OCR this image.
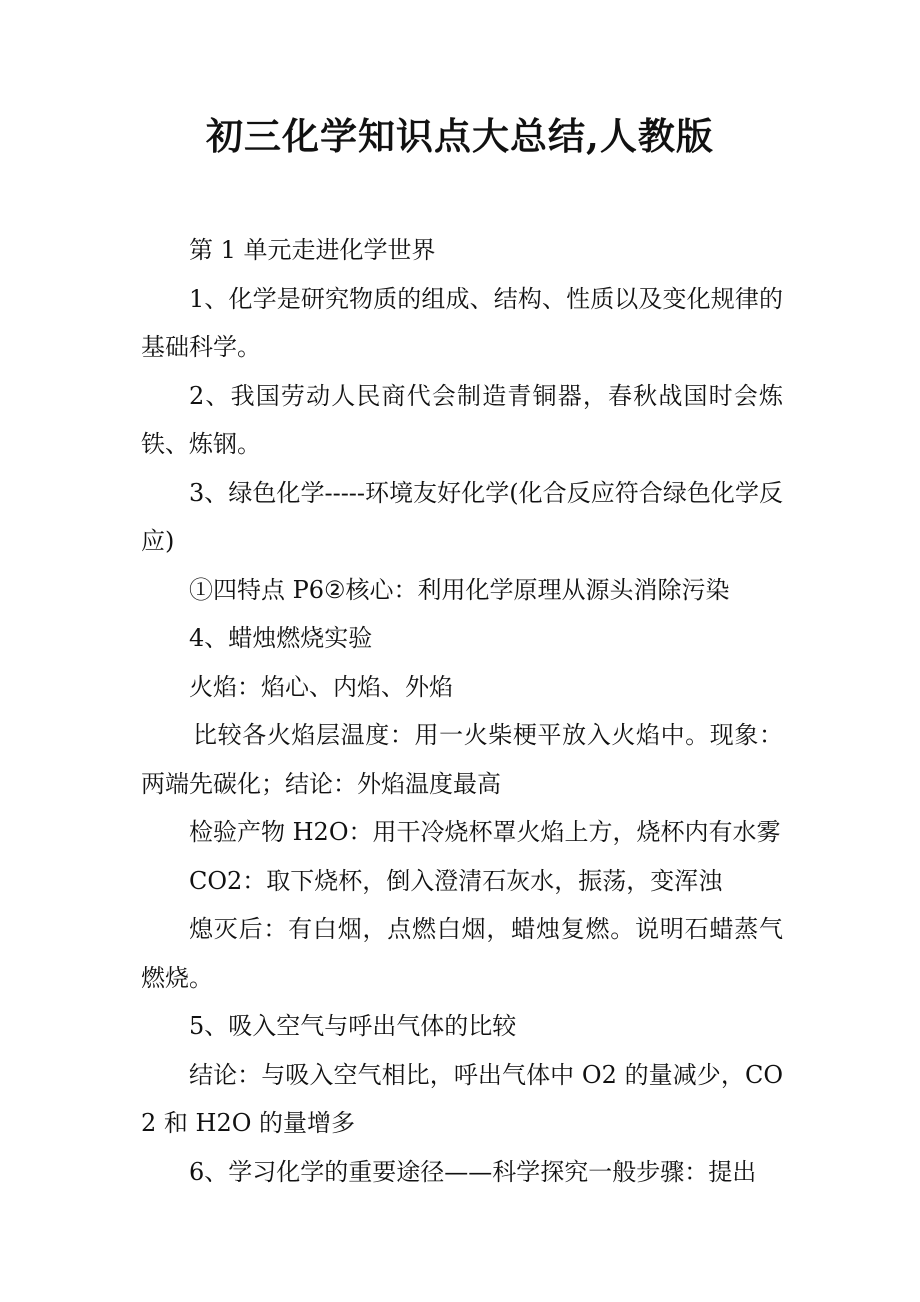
初三化学知识点大总结,人教版

第 1 单元走进化学世界

1、化学是研究物质的组成、结构、性质以及变化规律的基础科学。

2、我国劳动人民商代会制造青铜器，春秋战国时会炼铁、炼钢。

3、绿色化学-----环境友好化学(化合反应符合绿色化学反应)

①四特点 P6②核心：利用化学原理从源头消除污染

4、蜡烛燃烧实验

火焰：焰心、内焰、外焰

比较各火焰层温度：用一火柴梗平放入火焰中。现象：两端先碳化；结论：外焰温度最高

检验产物 H2O：用干冷烧杯罩火焰上方，烧杯内有水雾

CO2：取下烧杯，倒入澄清石灰水，振荡，变浑浊

熄灭后：有白烟，点燃白烟，蜡烛复燃。说明石蜡蒸气燃烧。

5、吸入空气与呼出气体的比较

结论：与吸入空气相比，呼出气体中 O2 的量减少，CO2 和 H2O 的量增多

6、学习化学的重要途径——科学探究一般步骤：提出
